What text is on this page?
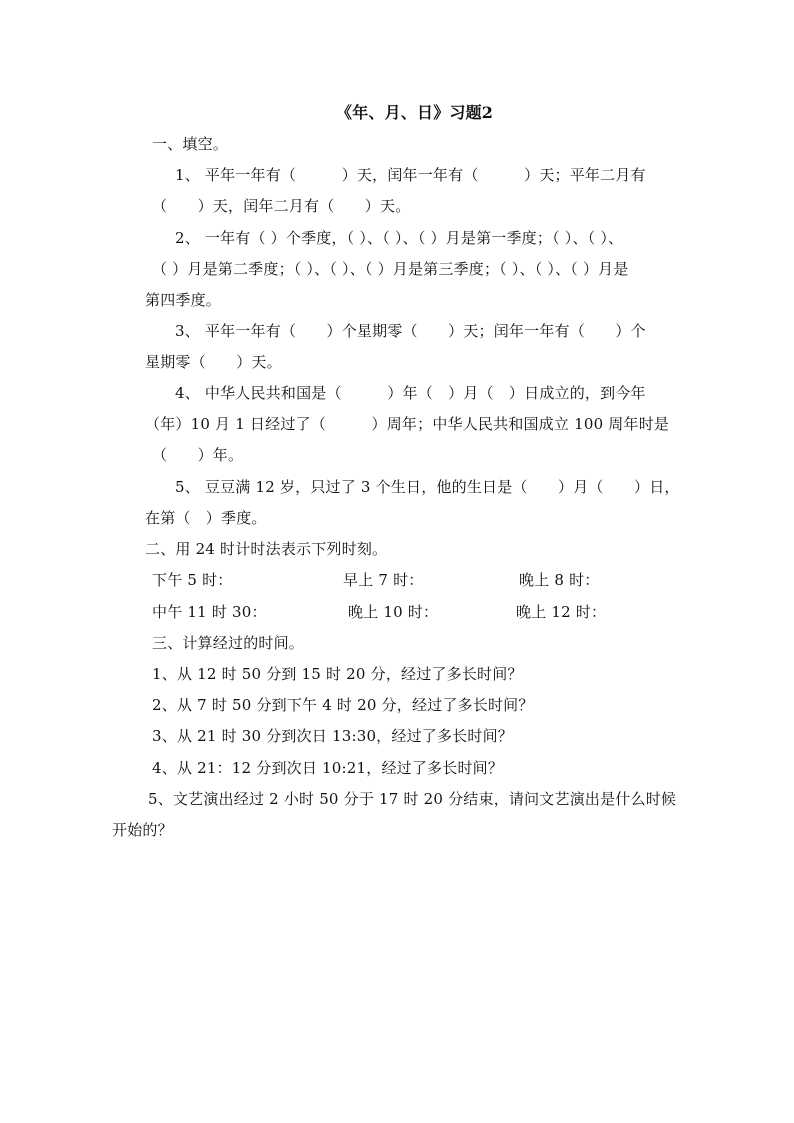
《年、月、日》习题2
一、填空。
1、 平年一年有（　　　）天，闰年一年有（　　　）天；平年二月有
（　　）天，闰年二月有（　　）天。
2、 一年有（ ）个季度，（ ）、（ ）、（ ）月是第一季度；（ ）、（ ）、
（ ）月是第二季度；（ ）、（ ）、（ ）月是第三季度；（ ）、（ ）、（ ）月是
第四季度。
3、 平年一年有（　　）个星期零（　　）天；闰年一年有（　　）个
星期零（　　）天。
4、 中华人民共和国是（　　　）年（　）月（　）日成立的，到今年
（年）10 月 1 日经过了（　　　）周年；中华人民共和国成立 100 周年时是
（　　）年。
5、 豆豆满 12 岁，只过了 3 个生日，他的生日是（　　）月（　　）日，
在第（　）季度。
二、用 24 时计时法表示下列时刻。
下午 5 时：	早上 7 时：	晚上 8 时：
中午 11 时 30：	晚上 10 时：	晚上 12 时：
三、计算经过的时间。
1、从 12 时 50 分到 15 时 20 分，经过了多长时间？
2、从 7 时 50 分到下午 4 时 20 分，经过了多长时间？
3、从 21 时 30 分到次日 13:30，经过了多长时间？
4、从 21：12 分到次日 10:21，经过了多长时间？
5、文艺演出经过 2 小时 50 分于 17 时 20 分结束，请问文艺演出是什么时候
开始的？
